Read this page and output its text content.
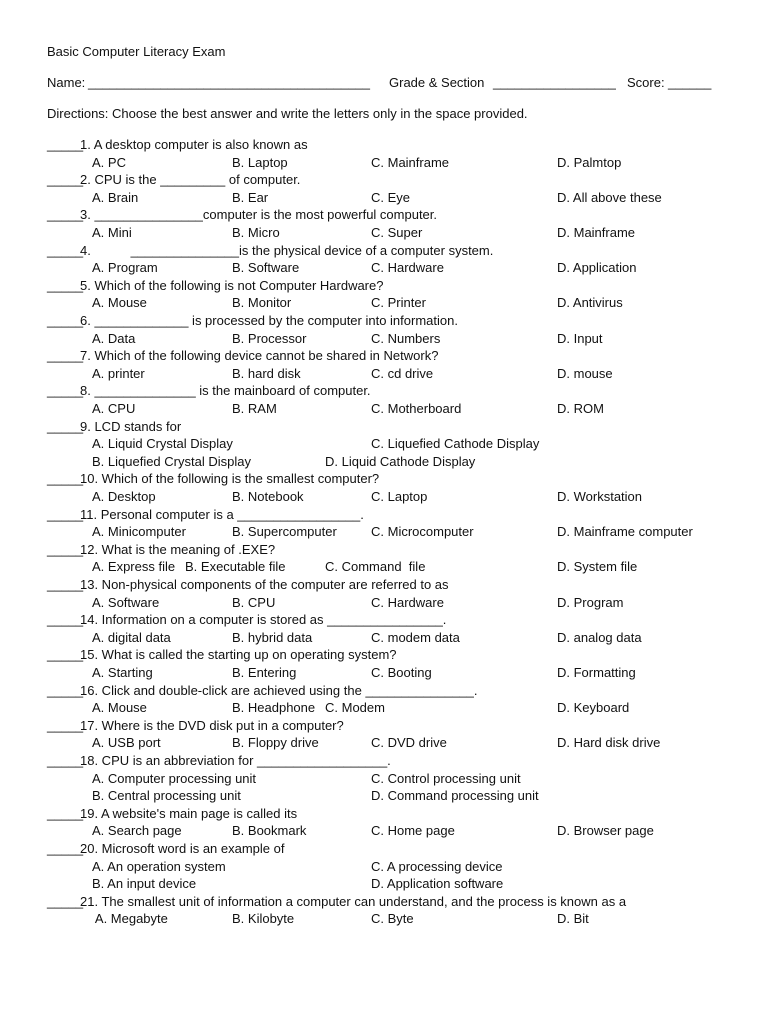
Basic Computer Literacy Exam
Name: _______________________________________ Grade & Section _________________ Score: ______
Directions: Choose the best answer and write the letters only in the space provided.
_____
1. A desktop computer is also known as
A. PC	B. Laptop	C. Mainframe	D. Palmtop
_____
2. CPU is the _________ of computer.
A. Brain	B. Ear	C. Eye	D. All above these
_____
3. _______________computer is the most powerful computer.
A. Mini	B. Micro	C. Super	D. Mainframe
_____
4.           _______________is the physical device of a computer system.
A. Program	B. Software	C. Hardware	D. Application
_____
5. Which of the following is not Computer Hardware?
A. Mouse	B. Monitor	C. Printer	D. Antivirus
_____
6. _____________ is processed by the computer into information.
A. Data	B. Processor	C. Numbers	D. Input
_____
7. Which of the following device cannot be shared in Network?
A. printer	B. hard disk	C. cd drive	D. mouse
_____
8. ______________ is the mainboard of computer.
A. CPU	B. RAM	C. Motherboard	D. ROM
_____
9. LCD stands for
A. Liquid Crystal Display	C. Liquefied Cathode Display
B. Liquefied Crystal Display	D. Liquid Cathode Display
_____
10. Which of the following is the smallest computer?
A. Desktop	B. Notebook	C. Laptop	D. Workstation
_____
11. Personal computer is a _________________.
A. Minicomputer	B. Supercomputer	C. Microcomputer	D. Mainframe computer
_____
12. What is the meaning of .EXE?
A. Express file B. Executable file	C. Command  file	D. System file
_____
13. Non-physical components of the computer are referred to as
A. Software	B. CPU	C. Hardware	D. Program
_____
14. Information on a computer is stored as ________________.
A. digital data	B. hybrid data	C. modem data	D. analog data
_____
15. What is called the starting up on operating system?
A. Starting	B. Entering	C. Booting	D. Formatting
_____
16. Click and double-click are achieved using the _______________.
A. Mouse	B. Headphone C. Modem	D. Keyboard
_____
17. Where is the DVD disk put in a computer?
A. USB port	B. Floppy drive	C. DVD drive	D. Hard disk drive
_____
18. CPU is an abbreviation for __________________.
A. Computer processing unit	C. Control processing unit
B. Central processing unit	D. Command processing unit
_____
19. A website's main page is called its
A. Search page	B. Bookmark	C. Home page	D. Browser page
_____
20. Microsoft word is an example of
A. An operation system	C. A processing device
B. An input device	D. Application software
_____
21. The smallest unit of information a computer can understand, and the process is known as a
A. Megabyte	B. Kilobyte	C. Byte	D. Bit
